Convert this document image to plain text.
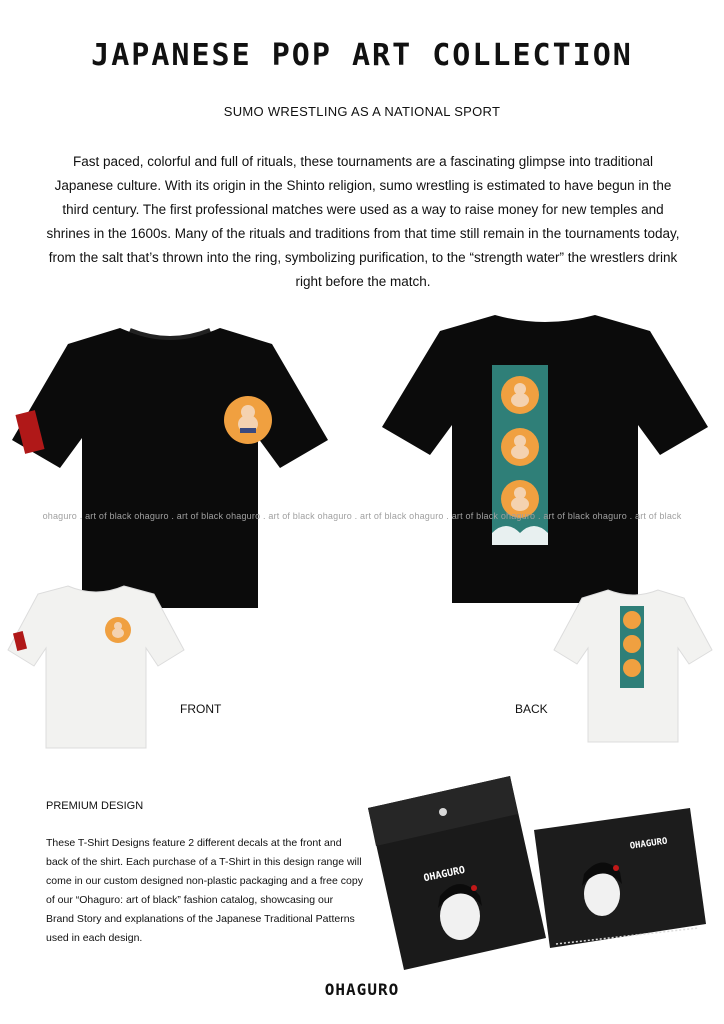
JAPANESE POP ART COLLECTION
SUMO WRESTLING AS A NATIONAL SPORT
Fast paced, colorful and full of rituals, these tournaments are a fascinating glimpse into traditional Japanese culture. With its origin in the Shinto religion, sumo wrestling is estimated to have begun in the third century. The first professional matches were used as a way to raise money for new temples and shrines in the 1600s. Many of the rituals and traditions from that time still remain in the tournaments today, from the salt that’s thrown into the ring, symbolizing purification, to the “strength water” the wrestlers drink right before the match.
ohaguro . art of black ohaguro . art of black ohaguro . art of black ohaguro . art of black ohaguro . art of black ohaguro . art of black ohaguro . art of black
FRONT	BACK
PREMIUM DESIGN
These T-Shirt Designs feature 2 different decals at the front and back of the shirt. Each purchase of a T-Shirt in this design range will come in our custom designed non-plastic packaging and a free copy of our “Ohaguro: art of black” fashion catalog, showcasing our Brand Story and explanations of the Japanese Traditional Patterns used in each design.
OHAGURO
OHAGURO
OHAGURO
